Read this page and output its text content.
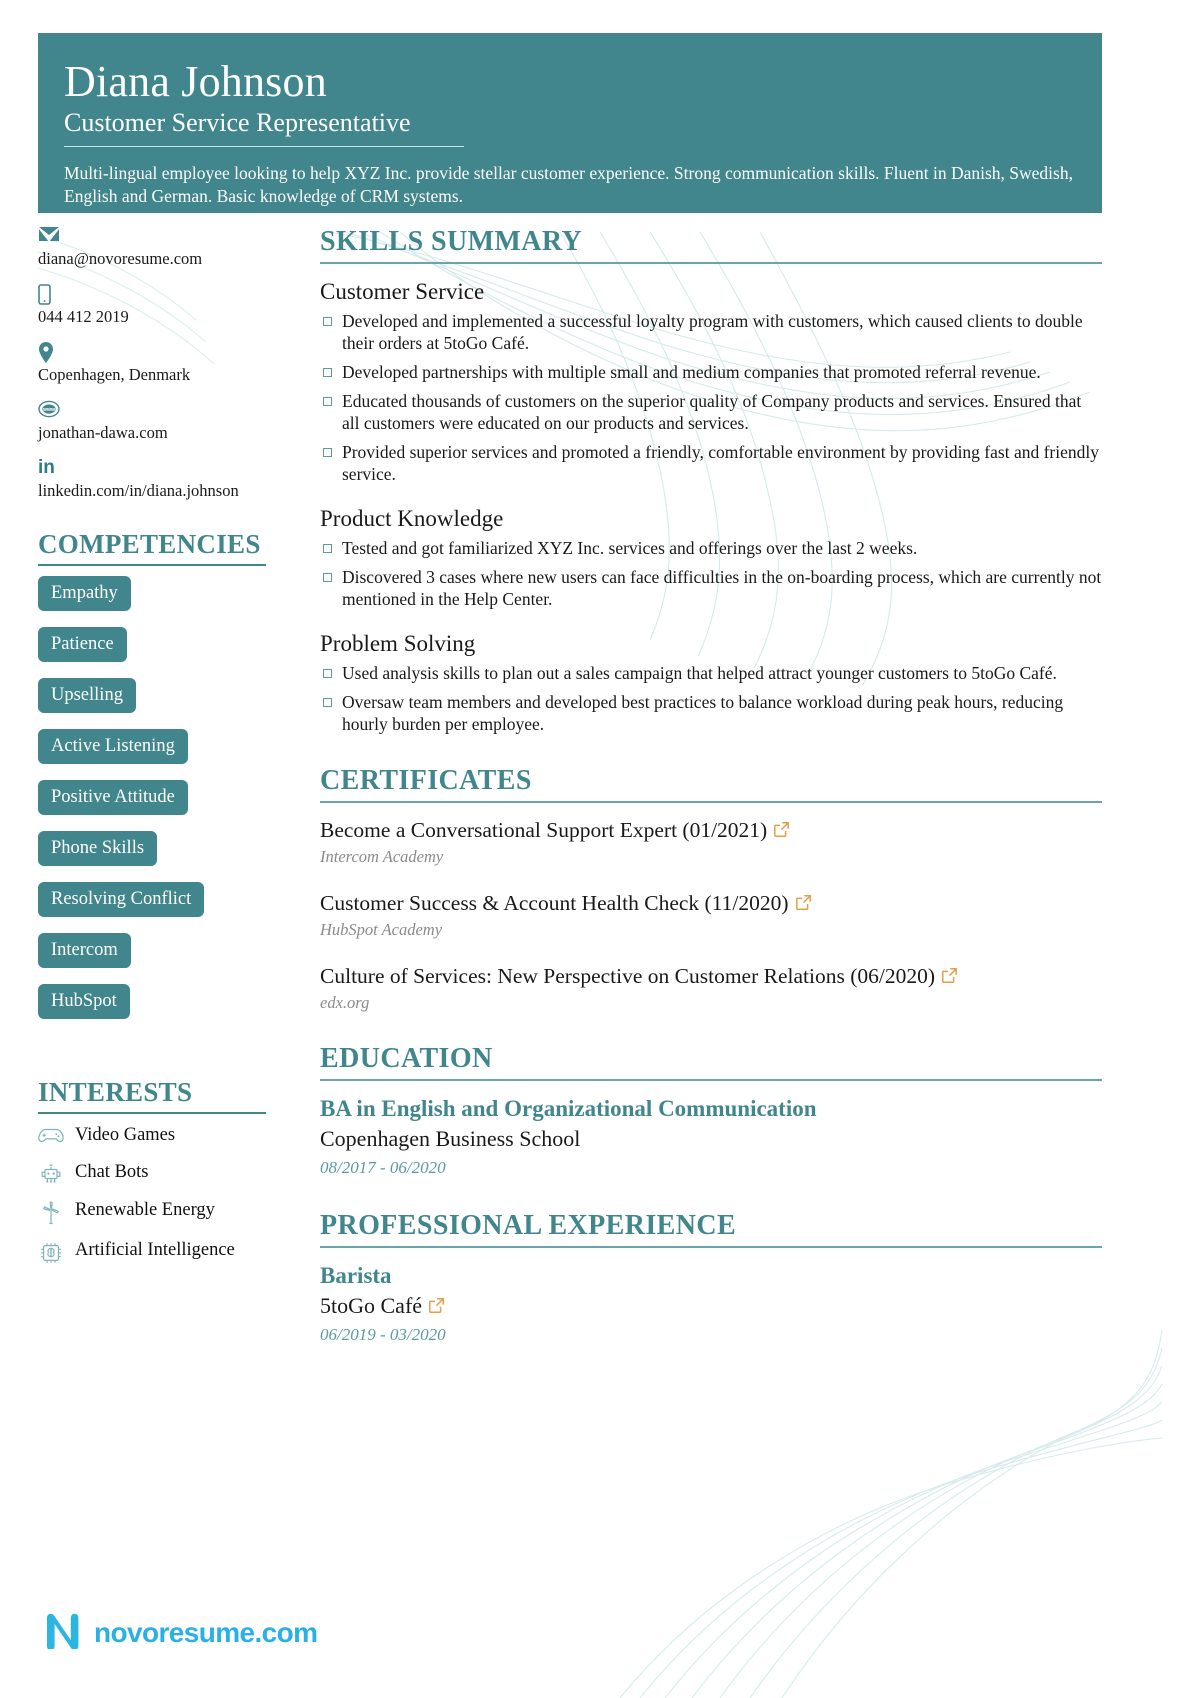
Diana Johnson
Customer Service Representative
Multi-lingual employee looking to help XYZ Inc. provide stellar customer experience. Strong communication skills. Fluent in Danish, Swedish, English and German. Basic knowledge of CRM systems.
diana@novoresume.com
044 412 2019
Copenhagen, Denmark
www
jonathan-dawa.com
in
linkedin.com/in/diana.johnson
COMPETENCIES
Empathy
Patience
Upselling
Active Listening
Positive Attitude
Phone Skills
Resolving Conflict
Intercom
HubSpot
INTERESTS
Video Games
Chat Bots
Renewable Energy
Artificial Intelligence
SKILLS SUMMARY
Customer Service
Developed and implemented a successful loyalty program with customers, which caused clients to double their orders at 5toGo Café.
Developed partnerships with multiple small and medium companies that promoted referral revenue.
Educated thousands of customers on the superior quality of Company products and services. Ensured that all customers were educated on our products and services.
Provided superior services and promoted a friendly, comfortable environment by providing fast and friendly service.
Product Knowledge
Tested and got familiarized XYZ Inc. services and offerings over the last 2 weeks.
Discovered 3 cases where new users can face difficulties in the on-boarding process, which are currently not mentioned in the Help Center.
Problem Solving
Used analysis skills to plan out a sales campaign that helped attract younger customers to 5toGo Café.
Oversaw team members and developed best practices to balance workload during peak hours, reducing hourly burden per employee.
CERTIFICATES
Become a Conversational Support Expert (01/2021)
Intercom Academy
Customer Success & Account Health Check (11/2020)
HubSpot Academy
Culture of Services: New Perspective on Customer Relations (06/2020)
edx.org
EDUCATION
BA in English and Organizational Communication
Copenhagen Business School
08/2017 - 06/2020
PROFESSIONAL EXPERIENCE
Barista
5toGo Café
06/2019 - 03/2020
novoresume.com
